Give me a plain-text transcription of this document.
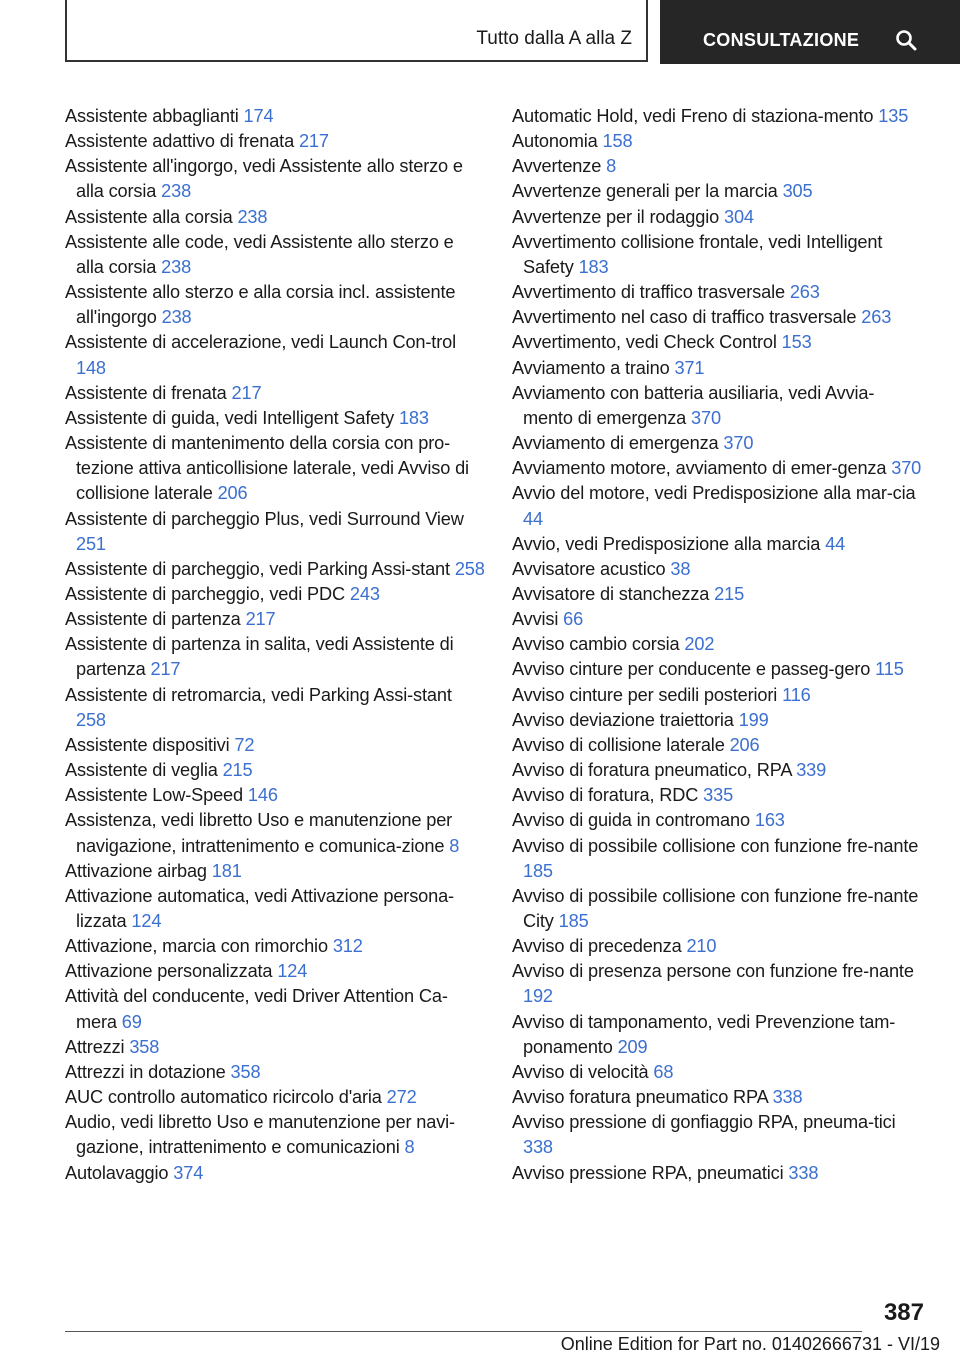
Tutto dalla A alla Z	CONSULTAZIONE
Assistente abbaglianti 174
Assistente adattivo di frenata 217
Assistente all'ingorgo, vedi Assistente allo sterzo e alla corsia 238
Assistente alla corsia 238
Assistente alle code, vedi Assistente allo sterzo e alla corsia 238
Assistente allo sterzo e alla corsia incl. assistente all'ingorgo 238
Assistente di accelerazione, vedi Launch Con-trol 148
Assistente di frenata 217
Assistente di guida, vedi Intelligent Safety 183
Assistente di mantenimento della corsia con pro-tezione attiva anticollisione laterale, vedi Avviso di collisione laterale 206
Assistente di parcheggio Plus, vedi Surround View 251
Assistente di parcheggio, vedi Parking Assi-stant 258
Assistente di parcheggio, vedi PDC 243
Assistente di partenza 217
Assistente di partenza in salita, vedi Assistente di partenza 217
Assistente di retromarcia, vedi Parking Assi-stant 258
Assistente dispositivi 72
Assistente di veglia 215
Assistente Low-Speed 146
Assistenza, vedi libretto Uso e manutenzione per navigazione, intrattenimento e comunica-zione 8
Attivazione airbag 181
Attivazione automatica, vedi Attivazione persona-lizzata 124
Attivazione, marcia con rimorchio 312
Attivazione personalizzata 124
Attività del conducente, vedi Driver Attention Ca-mera 69
Attrezzi 358
Attrezzi in dotazione 358
AUC controllo automatico ricircolo d'aria 272
Audio, vedi libretto Uso e manutenzione per navi-gazione, intrattenimento e comunicazioni 8
Autolavaggio 374
Automatic Hold, vedi Freno di staziona-mento 135
Autonomia 158
Avvertenze 8
Avvertenze generali per la marcia 305
Avvertenze per il rodaggio 304
Avvertimento collisione frontale, vedi Intelligent Safety 183
Avvertimento di traffico trasversale 263
Avvertimento nel caso di traffico trasversale 263
Avvertimento, vedi Check Control 153
Avviamento a traino 371
Avviamento con batteria ausiliaria, vedi Avvia-mento di emergenza 370
Avviamento di emergenza 370
Avviamento motore, avviamento di emer-genza 370
Avvio del motore, vedi Predisposizione alla mar-cia 44
Avvio, vedi Predisposizione alla marcia 44
Avvisatore acustico 38
Avvisatore di stanchezza 215
Avvisi 66
Avviso cambio corsia 202
Avviso cinture per conducente e passeg-gero 115
Avviso cinture per sedili posteriori 116
Avviso deviazione traiettoria 199
Avviso di collisione laterale 206
Avviso di foratura pneumatico, RPA 339
Avviso di foratura, RDC 335
Avviso di guida in contromano 163
Avviso di possibile collisione con funzione fre-nante 185
Avviso di possibile collisione con funzione fre-nante City 185
Avviso di precedenza 210
Avviso di presenza persone con funzione fre-nante 192
Avviso di tamponamento, vedi Prevenzione tam-ponamento 209
Avviso di velocità 68
Avviso foratura pneumatico RPA 338
Avviso pressione di gonfiaggio RPA, pneuma-tici 338
Avviso pressione RPA, pneumatici 338
387
Online Edition for Part no. 01402666731 - VI/19
